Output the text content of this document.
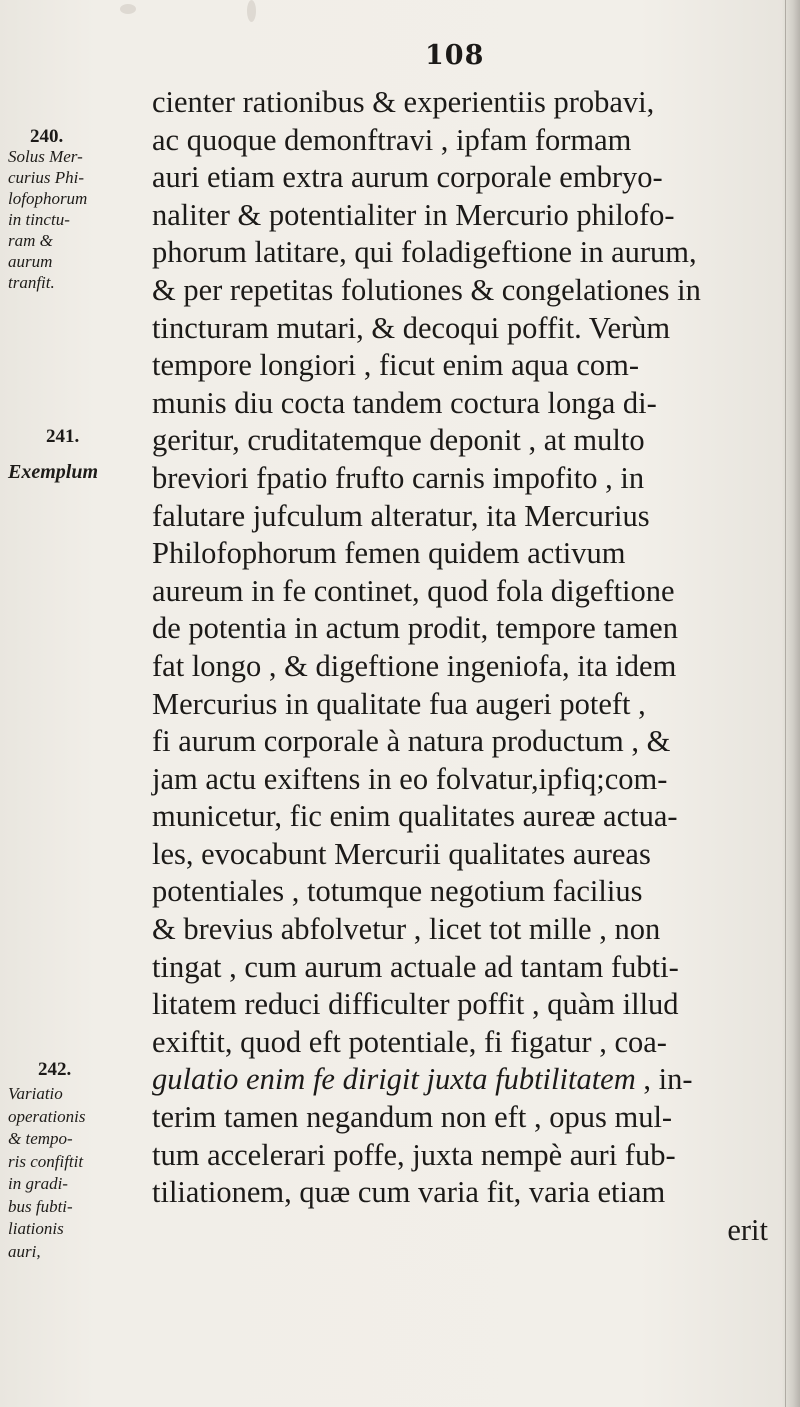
108
cienter rationibus & experientiis probavi,
ac quoque demonftravi , ipfam formam
auri etiam extra aurum corporale embryo-
naliter & potentialiter in Mercurio philofo-
phorum latitare, qui foladigeftione in aurum,
& per repetitas folutiones & congelationes in
tincturam mutari, & decoqui poffit. Verùm
tempore longiori , ficut enim aqua com-
munis diu cocta tandem coctura longa di-
geritur, cruditatemque deponit , at multo
breviori fpatio frufto carnis impofito , in
falutare jufculum alteratur, ita Mercurius
Philofophorum femen quidem activum
aureum in fe continet, quod fola digeftione
de potentia in actum prodit, tempore tamen
fat longo , & digeftione ingeniofa, ita idem
Mercurius in qualitate fua augeri poteft ,
fi aurum corporale à natura productum , &
jam actu exiftens in eo folvatur,ipfiq;com-
municetur, fic enim qualitates aureæ actua-
les, evocabunt Mercurii qualitates aureas
potentiales , totumque negotium facilius
& brevius abfolvetur , licet tot mille , non
tingat , cum aurum actuale ad tantam fubti-
litatem reduci difficulter poffit , quàm illud
exiftit, quod eft potentiale, fi figatur , coa-
gulatio enim fe dirigit juxta fubtilitatem , in-
terim tamen negandum non eft , opus mul-
tum accelerari poffe, juxta nempè auri fub-
tiliationem, quæ cum varia fit, varia etiam
erit
240.
Solus Mer-
curius Phi-
lofophorum
in tinctu-
ram &
aurum
tranfit.
241.
Exemplum
242.
Variatio
operationis
& tempo-
ris confiftit
in gradi-
bus fubti-
liationis
auri,
